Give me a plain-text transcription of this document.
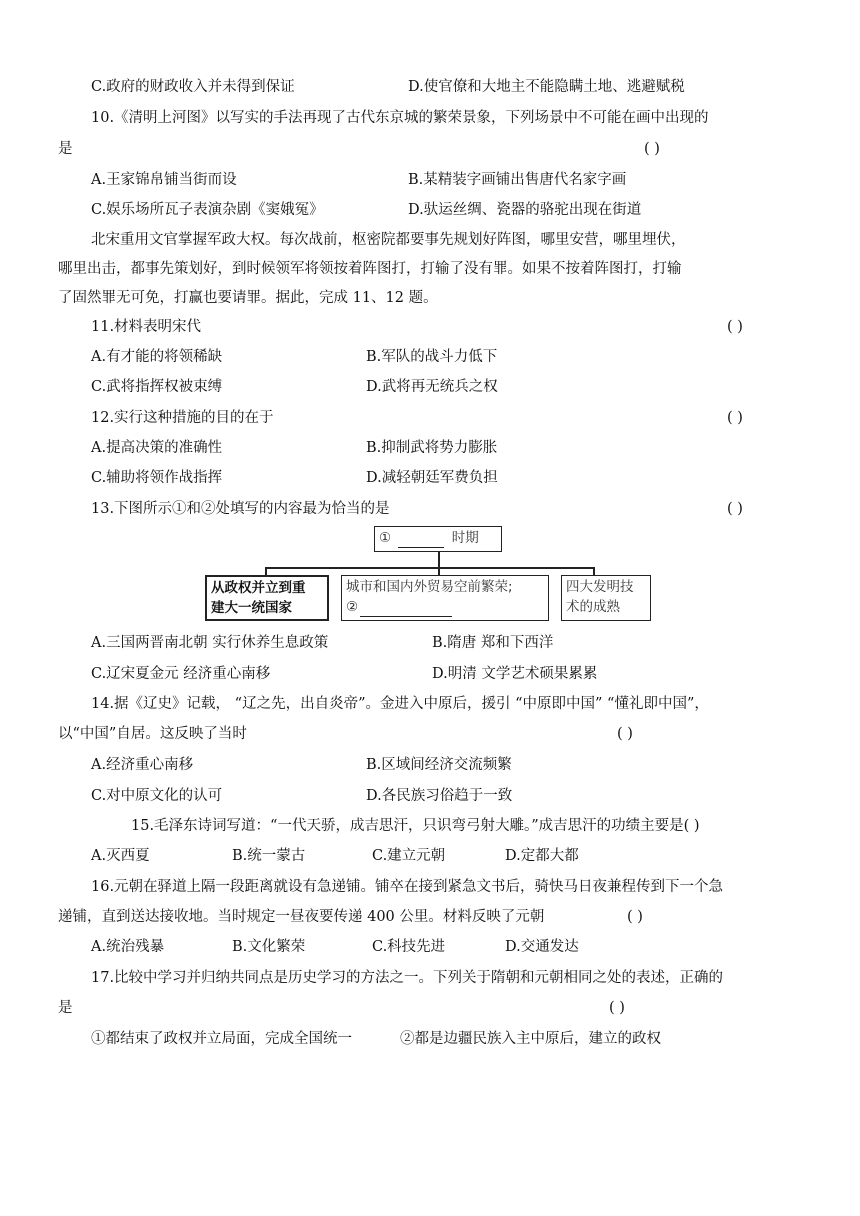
C.政府的财政收入并未得到保证	D.使官僚和大地主不能隐瞒土地、逃避赋税
10.《清明上河图》以写实的手法再现了古代东京城的繁荣景象，下列场景中不可能在画中出现的
是	( )
A.王家锦帛铺当街而设	B.某精装字画铺出售唐代名家字画
C.娱乐场所瓦子表演杂剧《窦娥冤》	D.驮运丝绸、瓷器的骆驼出现在街道
北宋重用文官掌握军政大权。每次战前，枢密院都要事先规划好阵图，哪里安营，哪里埋伏，
哪里出击，都事先策划好，到时候领军将领按着阵图打，打输了没有罪。如果不按着阵图打，打输
了固然罪无可免，打赢也要请罪。据此，完成 11、12 题。
11.材料表明宋代	( )
A.有才能的将领稀缺	B.军队的战斗力低下
C.武将指挥权被束缚	D.武将再无统兵之权
12.实行这种措施的目的在于	( )
A.提高决策的准确性	B.抑制武将势力膨胀
C.辅助将领作战指挥	D.减轻朝廷军费负担
13.下图所示①和②处填写的内容最为恰当的是	( )
①	时期
从政权并立到重
建大一统国家
城市和国内外贸易空前繁荣;
②
四大发明技
术的成熟
A.三国两晋南北朝 实行休养生息政策	B.隋唐 郑和下西洋
C.辽宋夏金元 经济重心南移	D.明清 文学艺术硕果累累
14.据《辽史》记载， “辽之先，出自炎帝”。金进入中原后，援引 “中原即中国” “懂礼即中国”，
以“中国”自居。这反映了当时	( )
A.经济重心南移	B.区域间经济交流频繁
C.对中原文化的认可	D.各民族习俗趋于一致
15.毛泽东诗词写道：“一代天骄，成吉思汗，只识弯弓射大雕。”成吉思汗的功绩主要是( )
A.灭西夏	B.统一蒙古	C.建立元朝	D.定都大都
16.元朝在驿道上隔一段距离就设有急递铺。铺卒在接到紧急文书后，骑快马日夜兼程传到下一个急
递铺，直到送达接收地。当时规定一昼夜要传递 400 公里。材料反映了元朝	( )
A.统治残暴	B.文化繁荣	C.科技先进	D.交通发达
17.比较中学习并归纳共同点是历史学习的方法之一。下列关于隋朝和元朝相同之处的表述，正确的
是	( )
①都结束了政权并立局面，完成全国统一	②都是边疆民族入主中原后，建立的政权
